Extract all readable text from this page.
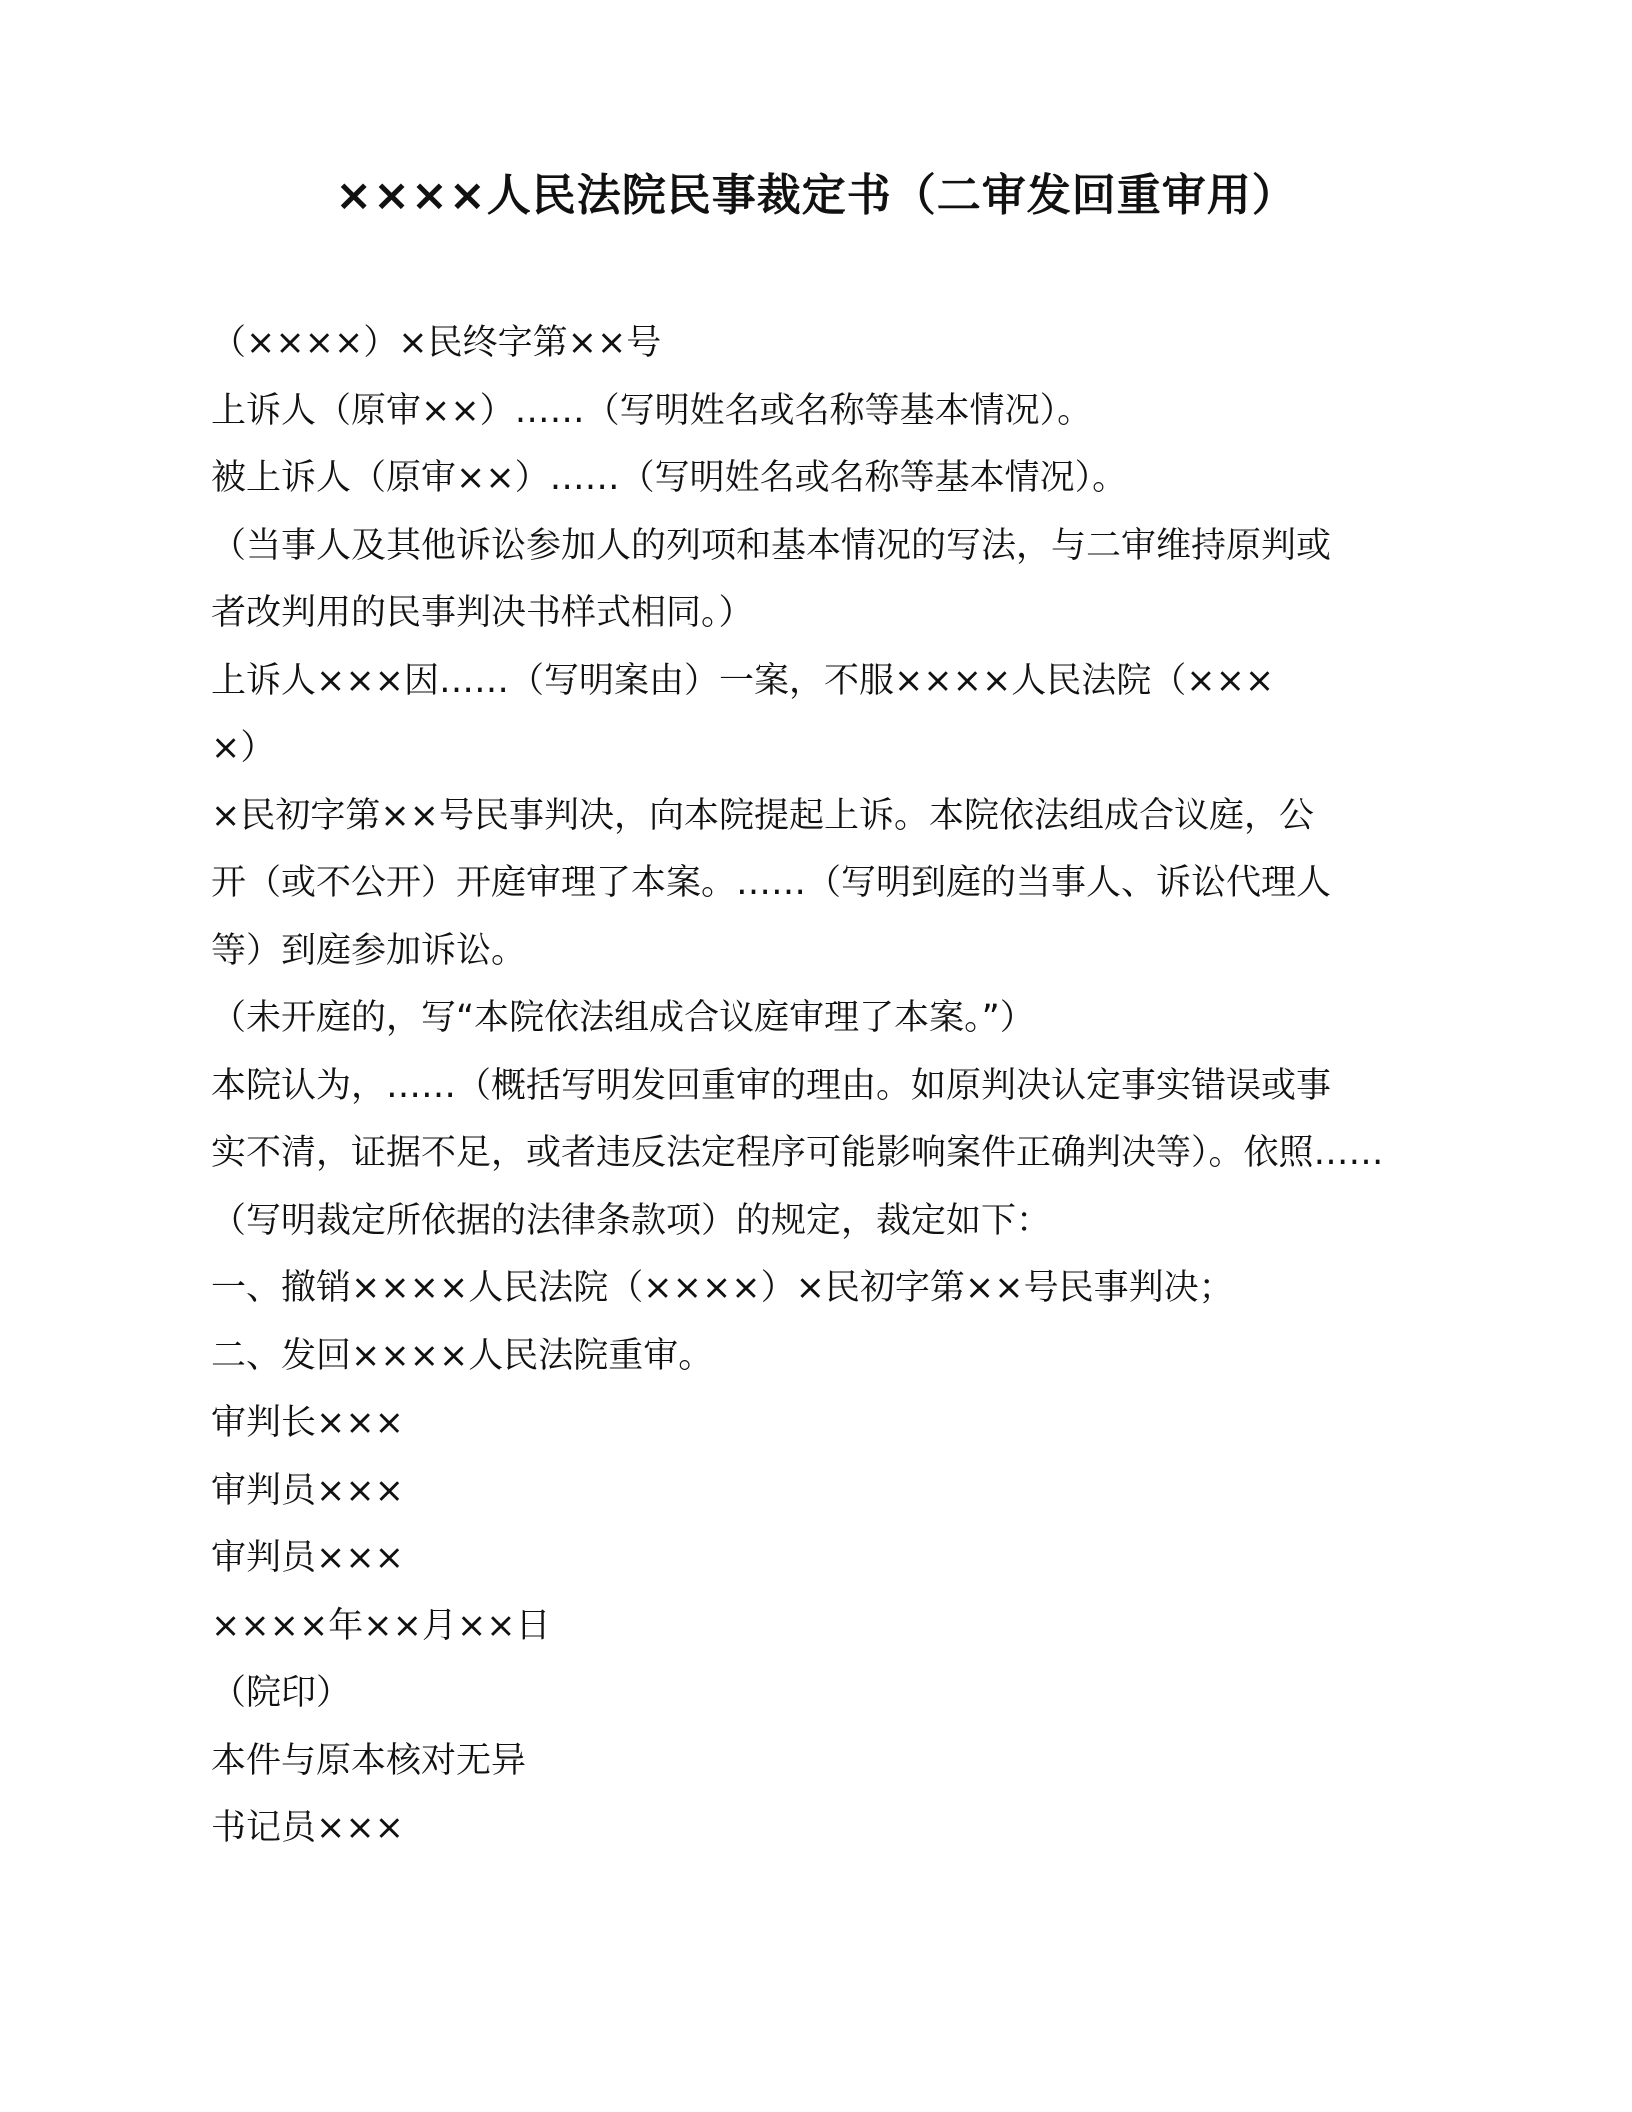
××××人民法院民事裁定书（二审发回重审用）
（××××）×民终字第××号
上诉人（原审××）……（写明姓名或名称等基本情况）。
被上诉人（原审××）……（写明姓名或名称等基本情况）。
（当事人及其他诉讼参加人的列项和基本情况的写法，与二审维持原判或
者改判用的民事判决书样式相同。）
上诉人×××因……（写明案由）一案，不服××××人民法院（×××
×）
×民初字第××号民事判决，向本院提起上诉。本院依法组成合议庭，公
开（或不公开）开庭审理了本案。……（写明到庭的当事人、诉讼代理人
等）到庭参加诉讼。
（未开庭的，写“本院依法组成合议庭审理了本案。”）
本院认为，……（概括写明发回重审的理由。如原判决认定事实错误或事
实不清，证据不足，或者违反法定程序可能影响案件正确判决等）。依照……
（写明裁定所依据的法律条款项）的规定，裁定如下：
一、撤销××××人民法院（××××）×民初字第××号民事判决；
二、发回××××人民法院重审。
审判长×××
审判员×××
审判员×××
××××年××月××日
（院印）
本件与原本核对无异
书记员×××
